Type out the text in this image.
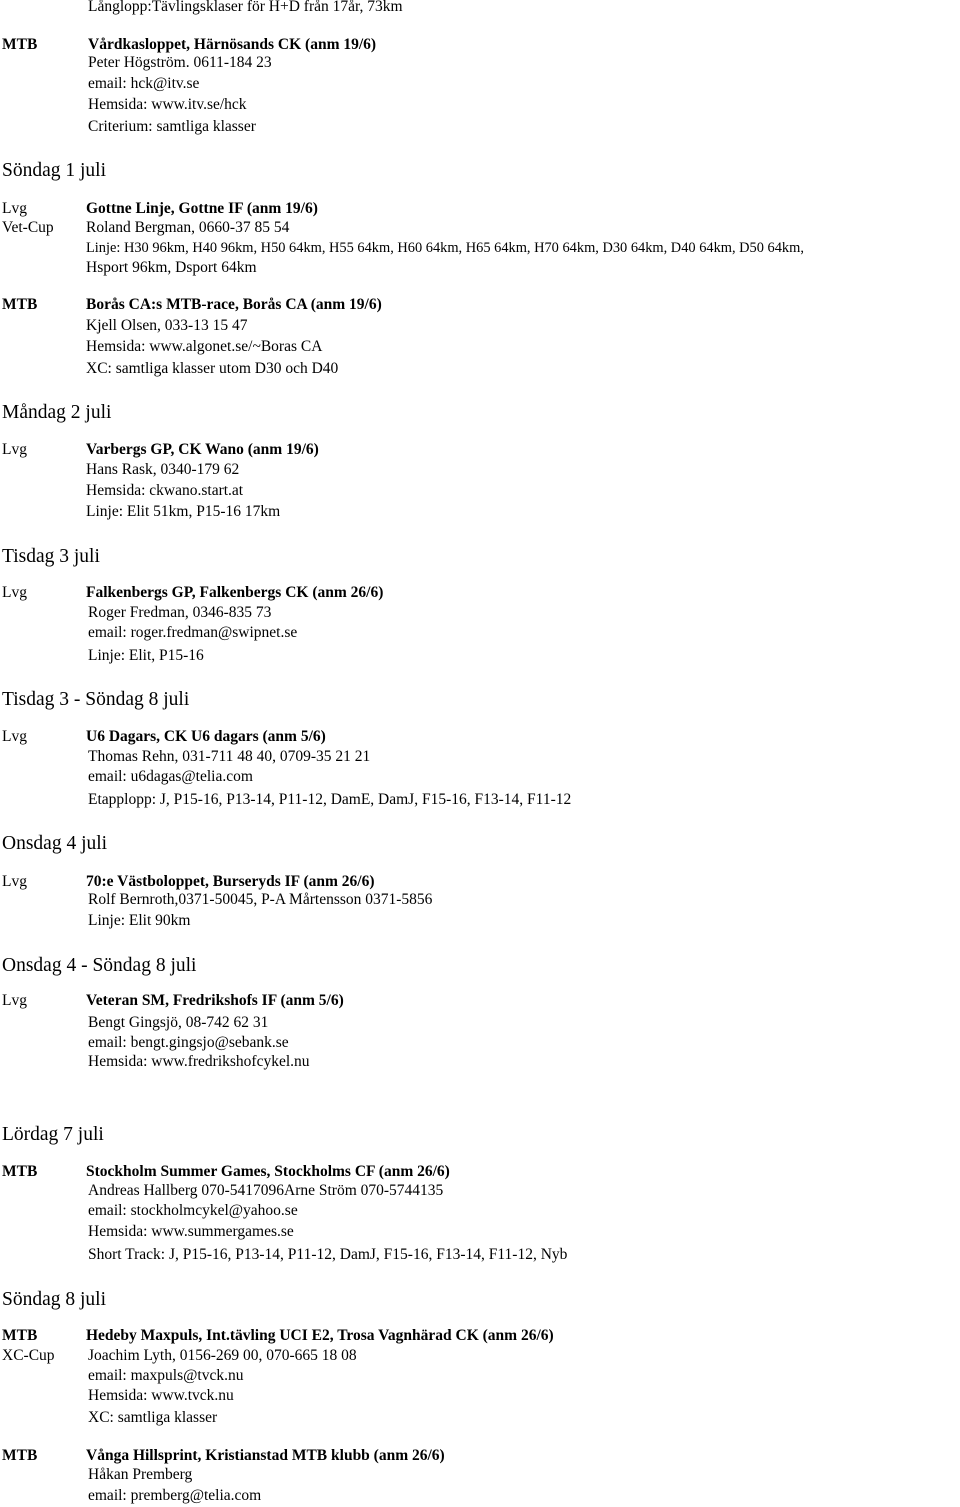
Långlopp:Tävlingsklaser för H+D från 17år, 73km
MTB	Vårdkasloppet, Härnösands CK (anm 19/6)
Peter Högström. 0611-184 23
email: hck@itv.se
Hemsida: www.itv.se/hck
Criterium: samtliga klasser
Söndag 1 juli
Lvg	Gottne Linje, Gottne IF (anm 19/6)
Vet-Cup Roland Bergman, 0660-37 85 54
Linje: H30 96km, H40 96km, H50 64km, H55 64km, H60 64km, H65 64km, H70 64km, D30 64km, D40 64km, D50 64km,
Hsport 96km, Dsport 64km
MTB	Borås CA:s MTB-race, Borås CA (anm 19/6)
Kjell Olsen, 033-13 15 47
Hemsida: www.algonet.se/~Boras CA
XC: samtliga klasser utom D30 och D40
Måndag 2 juli
Lvg	Varbergs GP, CK Wano (anm 19/6)
Hans Rask, 0340-179 62
Hemsida: ckwano.start.at
Linje: Elit 51km, P15-16 17km
Tisdag 3 juli
Lvg	Falkenbergs GP, Falkenbergs CK (anm 26/6)
Roger Fredman, 0346-835 73
email: roger.fredman@swipnet.se
Linje: Elit, P15-16
Tisdag 3 - Söndag 8 juli
Lvg	U6 Dagars, CK U6 dagars (anm 5/6)
Thomas Rehn, 031-711 48 40, 0709-35 21 21
email: u6dagas@telia.com
Etapplopp: J, P15-16, P13-14, P11-12, DamE, DamJ, F15-16, F13-14, F11-12
Onsdag 4 juli
Lvg	70:e Västboloppet, Burseryds IF (anm 26/6)
Rolf Bernroth,0371-50045, P-A Mårtensson 0371-5856
Linje: Elit 90km
Onsdag 4 - Söndag 8 juli
Lvg	Veteran SM, Fredrikshofs IF (anm 5/6)
Bengt Gingsjö, 08-742 62 31
email: bengt.gingsjo@sebank.se
Hemsida: www.fredrikshofcykel.nu
Lördag 7 juli
MTB	Stockholm Summer Games, Stockholms CF (anm 26/6)
Andreas Hallberg 070-5417096Arne Ström 070-5744135
email: stockholmcykel@yahoo.se
Hemsida: www.summergames.se
Short Track: J, P15-16, P13-14, P11-12, DamJ, F15-16, F13-14, F11-12, Nyb
Söndag 8 juli
MTB	Hedeby Maxpuls, Int.tävling UCI E2, Trosa Vagnhärad CK (anm 26/6)
XC-Cup Joachim Lyth, 0156-269 00, 070-665 18 08
email: maxpuls@tvck.nu
Hemsida: www.tvck.nu
XC: samtliga klasser
MTB	Vånga Hillsprint, Kristianstad MTB klubb (anm 26/6)
Håkan Premberg
email: premberg@telia.com
